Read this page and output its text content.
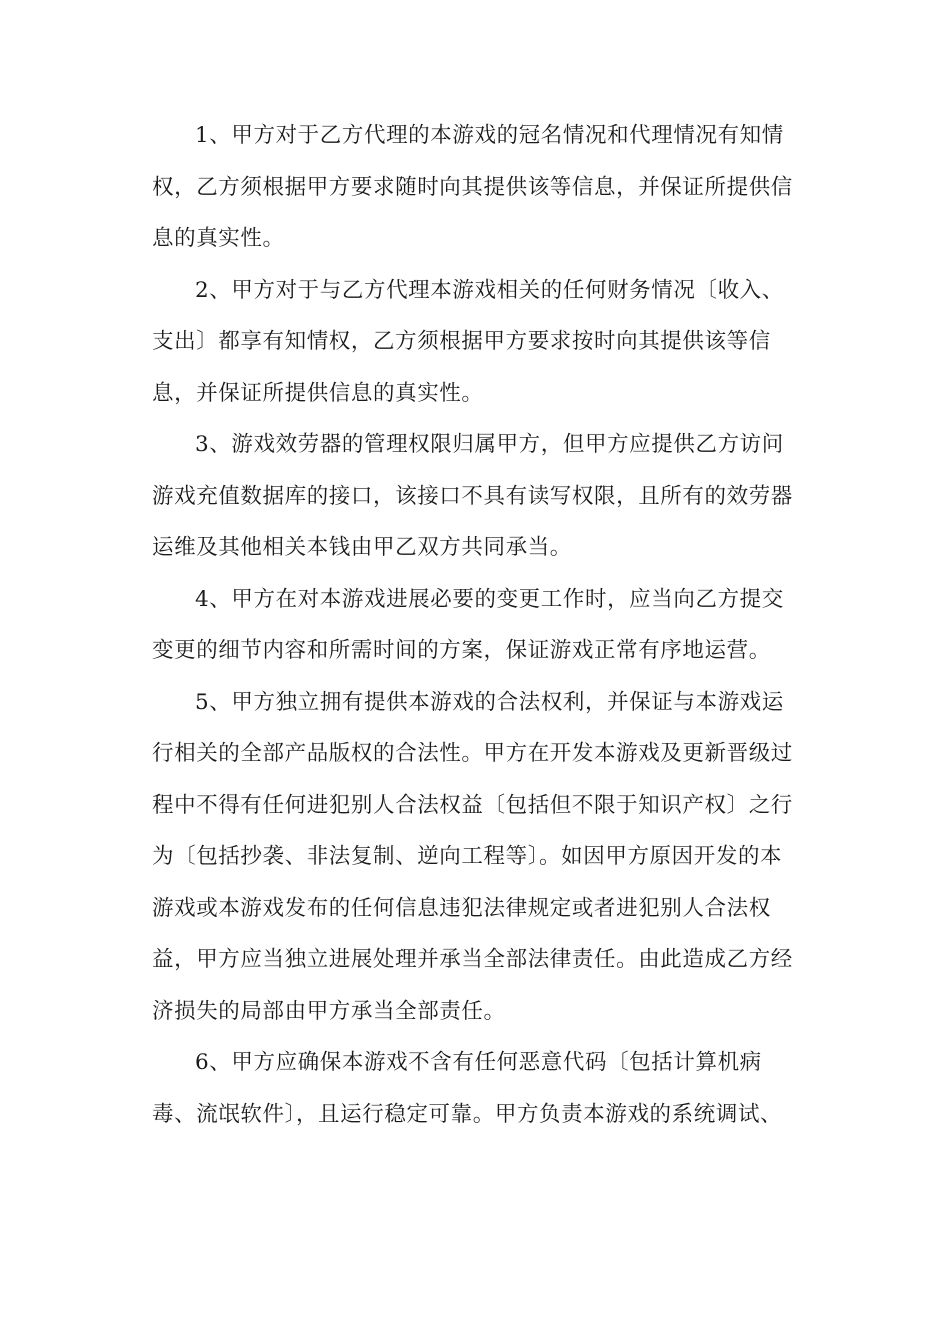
1、甲方对于乙方代理的本游戏的冠名情况和代理情况有知情
权，乙方须根据甲方要求随时向其提供该等信息，并保证所提供信
息的真实性。

2、甲方对于与乙方代理本游戏相关的任何财务情况〔收入、
支出〕都享有知情权，乙方须根据甲方要求按时向其提供该等信
息，并保证所提供信息的真实性。

3、游戏效劳器的管理权限归属甲方，但甲方应提供乙方访问
游戏充值数据库的接口，该接口不具有读写权限，且所有的效劳器
运维及其他相关本钱由甲乙双方共同承当。

4、甲方在对本游戏进展必要的变更工作时，应当向乙方提交
变更的细节内容和所需时间的方案，保证游戏正常有序地运营。

5、甲方独立拥有提供本游戏的合法权利，并保证与本游戏运
行相关的全部产品版权的合法性。甲方在开发本游戏及更新晋级过
程中不得有任何进犯别人合法权益〔包括但不限于知识产权〕之行
为〔包括抄袭、非法复制、逆向工程等〕。如因甲方原因开发的本
游戏或本游戏发布的任何信息违犯法律规定或者进犯别人合法权
益，甲方应当独立进展处理并承当全部法律责任。由此造成乙方经
济损失的局部由甲方承当全部责任。

6、甲方应确保本游戏不含有任何恶意代码〔包括计算机病
毒、流氓软件〕，且运行稳定可靠。甲方负责本游戏的系统调试、
